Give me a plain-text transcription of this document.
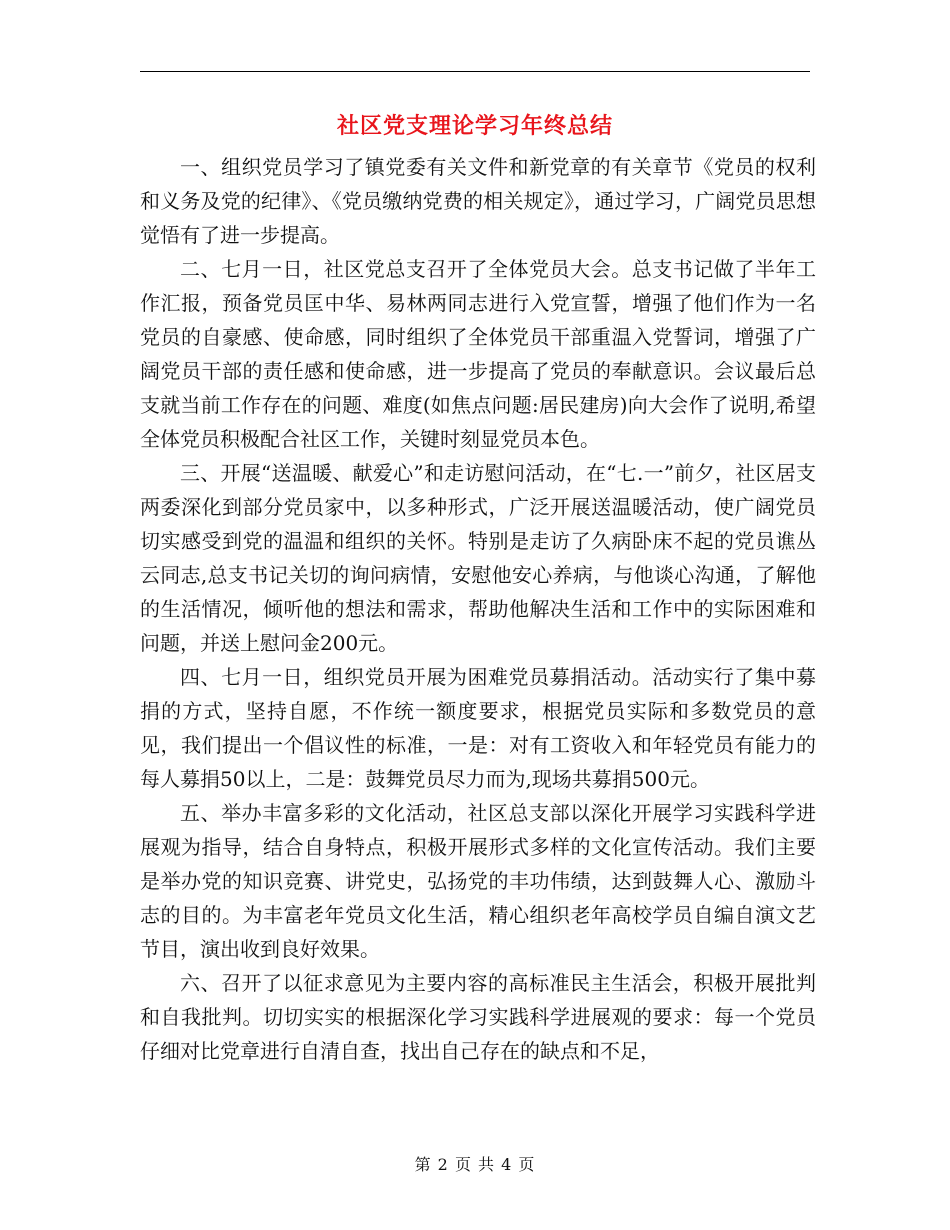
社区党支理论学习年终总结

一、组织党员学习了镇党委有关文件和新党章的有关章节《党员的权利和义务及党的纪律》、《党员缴纳党费的相关规定》，通过学习，广阔党员思想觉悟有了进一步提高。

二、七月一日，社区党总支召开了全体党员大会。总支书记做了半年工作汇报，预备党员匡中华、易林两同志进行入党宣誓，增强了他们作为一名党员的自豪感、使命感，同时组织了全体党员干部重温入党誓词，增强了广阔党员干部的责任感和使命感，进一步提高了党员的奉献意识。会议最后总支就当前工作存在的问题、难度(如焦点问题:居民建房)向大会作了说明,希望全体党员积极配合社区工作，关键时刻显党员本色。

三、开展“送温暖、献爱心”和走访慰问活动，在“七.一”前夕，社区居支两委深化到部分党员家中，以多种形式，广泛开展送温暖活动，使广阔党员切实感受到党的温温和组织的关怀。特别是走访了久病卧床不起的党员谯丛云同志,总支书记关切的询问病情，安慰他安心养病，与他谈心沟通，了解他的生活情况，倾听他的想法和需求，帮助他解决生活和工作中的实际困难和问题，并送上慰问金200元。

四、七月一日，组织党员开展为困难党员募捐活动。活动实行了集中募捐的方式，坚持自愿，不作统一额度要求，根据党员实际和多数党员的意见，我们提出一个倡议性的标准，一是：对有工资收入和年轻党员有能力的每人募捐50以上，二是：鼓舞党员尽力而为,现场共募捐500元。

五、举办丰富多彩的文化活动，社区总支部以深化开展学习实践科学进展观为指导，结合自身特点，积极开展形式多样的文化宣传活动。我们主要是举办党的知识竞赛、讲党史，弘扬党的丰功伟绩，达到鼓舞人心、激励斗志的目的。为丰富老年党员文化生活，精心组织老年高校学员自编自演文艺节目，演出收到良好效果。

六、召开了以征求意见为主要内容的高标准民主生活会，积极开展批判和自我批判。切切实实的根据深化学习实践科学进展观的要求：每一个党员仔细对比党章进行自清自查，找出自己存在的缺点和不足，

第 2 页 共 4 页
